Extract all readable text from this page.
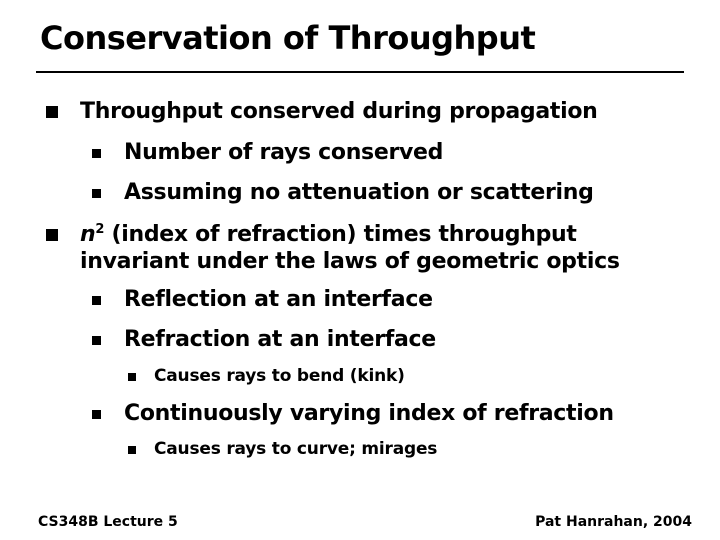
Conservation of Throughput
Throughput conserved during propagation
Number of rays conserved
Assuming no attenuation or scattering
$n^2$ (index of refraction) times throughput
invariant under the laws of geometric optics
Reflection at an interface
Refraction at an interface
Causes rays to bend (kink)
Continuously varying index of refraction
Causes rays to curve; mirages
CS348B Lecture 5	Pat Hanrahan, 2004
